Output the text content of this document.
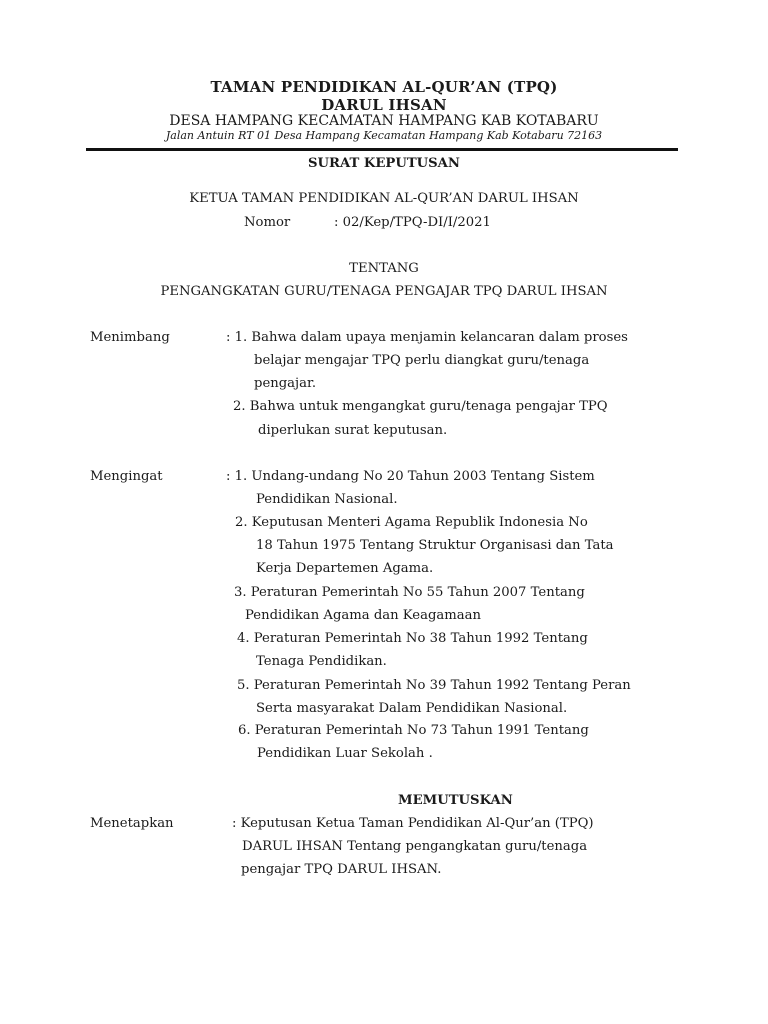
TAMAN PENDIDIKAN AL-QUR’AN (TPQ)
DARUL IHSAN
DESA HAMPANG KECAMATAN HAMPANG KAB KOTABARU
Jalan Antuin RT 01 Desa Hampang Kecamatan Hampang Kab Kotabaru 72163
SURAT KEPUTUSAN
KETUA TAMAN PENDIDIKAN AL-QUR’AN DARUL IHSAN
Nomor	: 02/Kep/TPQ-DI/I/2021
TENTANG
PENGANGKATAN GURU/TENAGA PENGAJAR TPQ DARUL IHSAN
Menimbang	: 1. Bahwa dalam upaya menjamin kelancaran dalam proses
belajar mengajar TPQ perlu diangkat guru/tenaga
pengajar.
2. Bahwa untuk mengangkat guru/tenaga pengajar TPQ
diperlukan surat keputusan.
Mengingat	: 1. Undang-undang No 20 Tahun 2003 Tentang Sistem
Pendidikan Nasional.
2. Keputusan Menteri Agama Republik Indonesia No
18 Tahun 1975 Tentang Struktur Organisasi dan Tata
Kerja Departemen Agama.
3. Peraturan Pemerintah No 55 Tahun 2007 Tentang
Pendidikan Agama dan Keagamaan
4. Peraturan Pemerintah No 38 Tahun 1992 Tentang
Tenaga Pendidikan.
5. Peraturan Pemerintah No 39 Tahun 1992 Tentang Peran
Serta masyarakat Dalam Pendidikan Nasional.
6. Peraturan Pemerintah No 73 Tahun 1991 Tentang
Pendidikan Luar Sekolah .
MEMUTUSKAN
Menetapkan	: Keputusan Ketua Taman Pendidikan Al-Qur’an (TPQ)
DARUL IHSAN Tentang pengangkatan guru/tenaga
pengajar TPQ DARUL IHSAN.
